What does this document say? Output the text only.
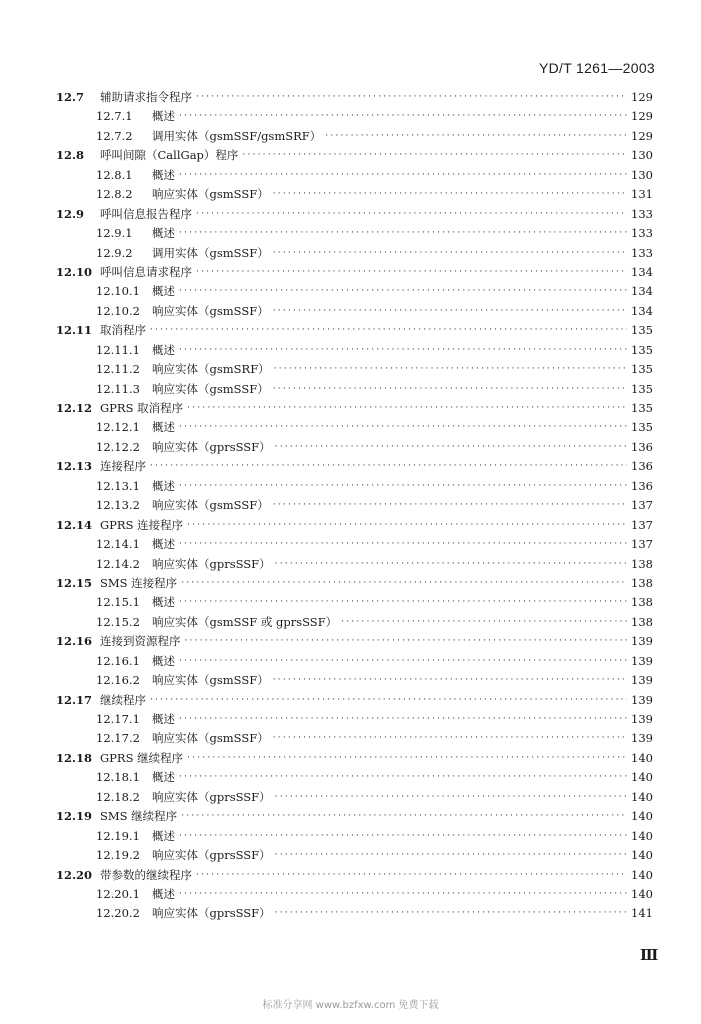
YD/T 1261—2003
12.7	辅助请求指令程序 ·····	129
12.7.1	概述 ·····	129
12.7.2	调用实体（gsmSSF/gsmSRF） ·····	129
12.8	呼叫间隙（CallGap）程序 ·····	130
12.8.1	概述 ·····	130
12.8.2	响应实体（gsmSSF） ·····	131
12.9	呼叫信息报告程序 ·····	133
12.9.1	概述 ·····	133
12.9.2	调用实体（gsmSSF） ·····	133
12.10 呼叫信息请求程序 ·····	134
12.10.1	概述 ·····	134
12.10.2	响应实体（gsmSSF） ·····	134
12.11 取消程序 ·····	135
12.11.1	概述 ·····	135
12.11.2	响应实体（gsmSRF） ·····	135
12.11.3	响应实体（gsmSSF） ·····	135
12.12 GPRS 取消程序 ·····	135
12.12.1	概述 ·····	135
12.12.2	响应实体（gprsSSF） ·····	136
12.13 连接程序 ·····	136
12.13.1	概述 ·····	136
12.13.2	响应实体（gsmSSF） ·····	137
12.14 GPRS 连接程序 ·····	137
12.14.1	概述 ·····	137
12.14.2	响应实体（gprsSSF） ·····	138
12.15 SMS 连接程序 ·····	138
12.15.1	概述 ·····	138
12.15.2	响应实体（gsmSSF 或 gprsSSF） ·····	138
12.16 连接到资源程序 ·····	139
12.16.1	概述 ·····	139
12.16.2	响应实体（gsmSSF） ·····	139
12.17 继续程序 ·····	139
12.17.1	概述 ·····	139
12.17.2	响应实体（gsmSSF） ·····	139
12.18 GPRS 继续程序 ·····	140
12.18.1	概述 ·····	140
12.18.2	响应实体（gprsSSF） ·····	140
12.19 SMS 继续程序 ·····	140
12.19.1	概述 ·····	140
12.19.2	响应实体（gprsSSF） ·····	140
12.20 带参数的继续程序 ·····	140
12.20.1	概述 ·····	140
12.20.2	响应实体（gprsSSF） ·····	141
Ⅲ
标准分享网 www.bzfxw.com 免费下载
